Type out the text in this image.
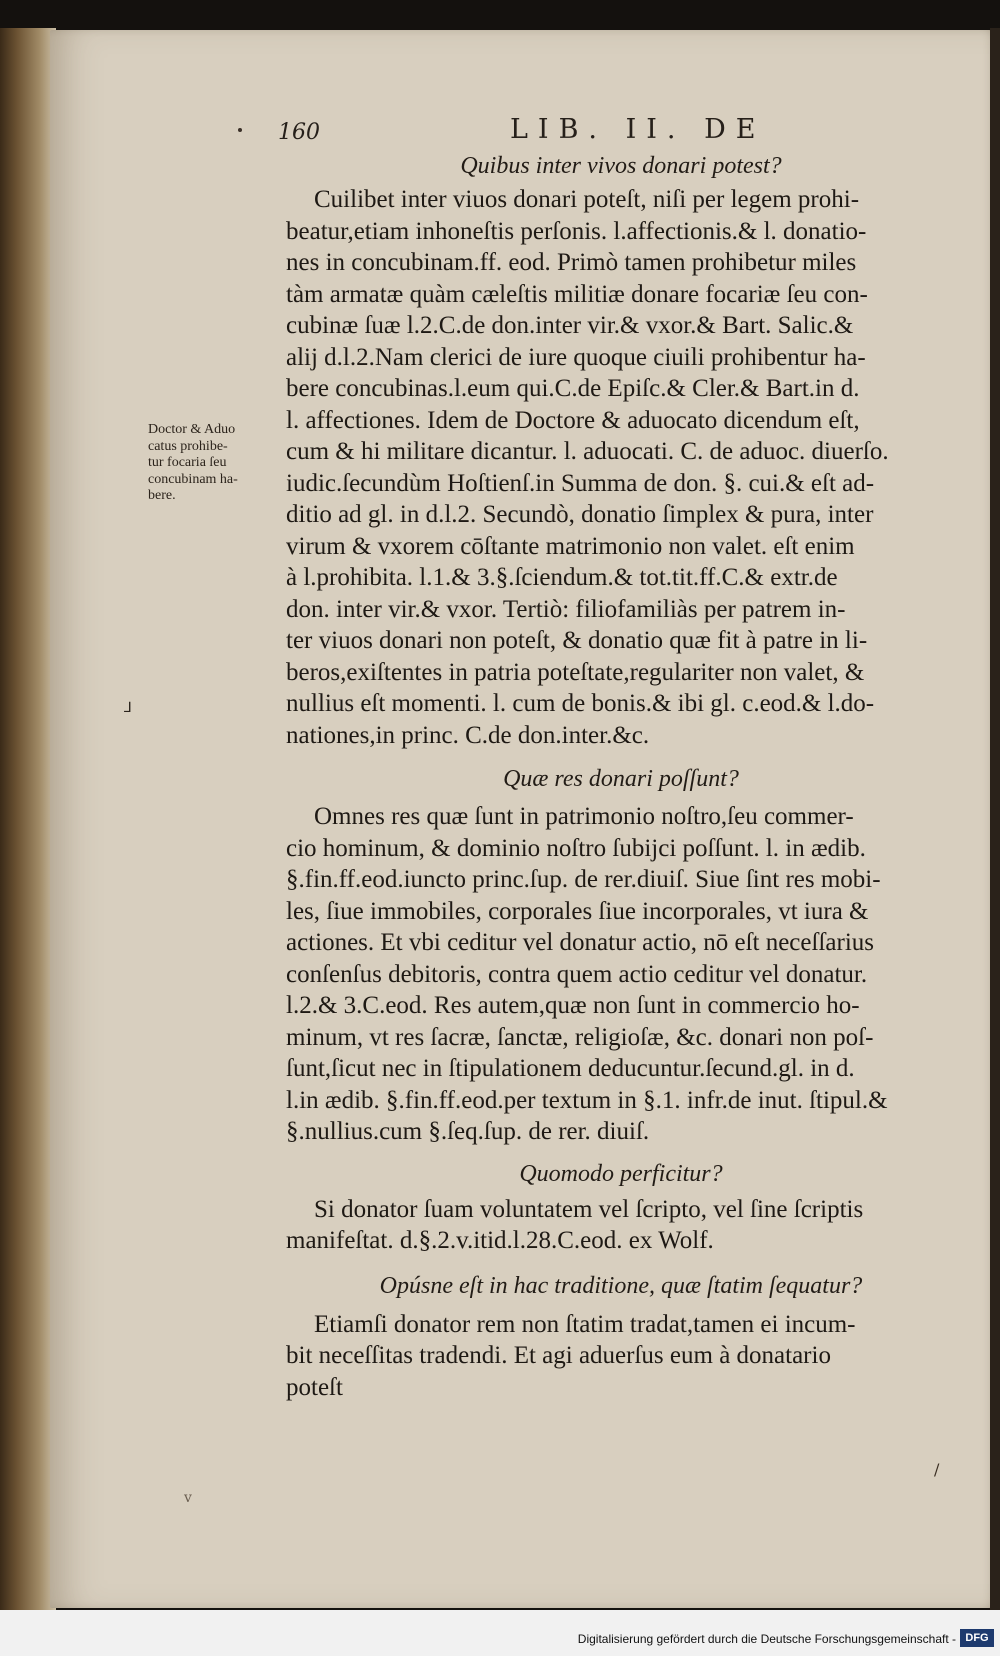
160	LIB. II. DE
Doctor & Aduo
catus prohibe-
tur focaria ſeu
concubinam ha-
bere.
⅃
v
/
Quibus inter vivos donari potest?

Cuilibet inter viuos donari poteſt, niſi per legem prohi-

beatur,etiam inhoneſtis perſonis. l.affectionis.& l. donatio-

nes in concubinam.ff. eod. Primò tamen prohibetur miles

tàm armatæ quàm cæleſtis militiæ donare focariæ ſeu con-

cubinæ ſuæ l.2.C.de don.inter vir.& vxor.& Bart. Salic.&

alij d.l.2.Nam clerici de iure quoque ciuili prohibentur ha-

bere concubinas.l.eum qui.C.de Epiſc.& Cler.& Bart.in d.

l. affectiones. Idem de Doctore & aduocato dicendum eſt,

cum & hi militare dicantur. l. aduocati. C. de aduoc. diuerſo.

iudic.ſecundùm Hoſtienſ.in Summa de don. §. cui.& eſt ad-

ditio ad gl. in d.l.2. Secundò, donatio ſimplex & pura, inter

virum & vxorem cōſtante matrimonio non valet. eſt enim

à l.prohibita. l.1.& 3.§.ſciendum.& tot.tit.ff.C.& extr.de

don. inter vir.& vxor. Tertiò: filiofamiliàs per patrem in-

ter viuos donari non poteſt, & donatio quæ fit à patre in li-

beros,exiſtentes in patria poteſtate,regulariter non valet, &

nullius eſt momenti. l. cum de bonis.& ibi gl. c.eod.& l.do-

nationes,in princ. C.de don.inter.&c.

Quæ res donari poſſunt?

Omnes res quæ ſunt in patrimonio noſtro,ſeu commer-

cio hominum, & dominio noſtro ſubijci poſſunt. l. in ædib.

§.fin.ff.eod.iuncto princ.ſup. de rer.diuiſ. Siue ſint res mobi-

les, ſiue immobiles, corporales ſiue incorporales, vt iura &

actiones. Et vbi ceditur vel donatur actio, nō eſt neceſſarius

conſenſus debitoris, contra quem actio ceditur vel donatur.

l.2.& 3.C.eod. Res autem,quæ non ſunt in commercio ho-

minum, vt res ſacræ, ſanctæ, religioſæ, &c. donari non poſ-

ſunt,ſicut nec in ſtipulationem deducuntur.ſecund.gl. in d.

l.in ædib. §.fin.ff.eod.per textum in §.1. infr.de inut. ſtipul.&

§.nullius.cum §.ſeq.ſup. de rer. diuiſ.

Quomodo perficitur?

Si donator ſuam voluntatem vel ſcripto, vel ſine ſcriptis

manifeſtat. d.§.2.v.itid.l.28.C.eod. ex Wolf.

Opúsne eſt in hac traditione, quæ ſtatim ſequatur?

Etiamſi donator rem non ſtatim tradat,tamen ei incum-

bit neceſſitas tradendi. Et agi aduerſus eum à donatario

poteſt

Digitalisierung gefördert durch die Deutsche Forschungsgemeinschaft - DFG
